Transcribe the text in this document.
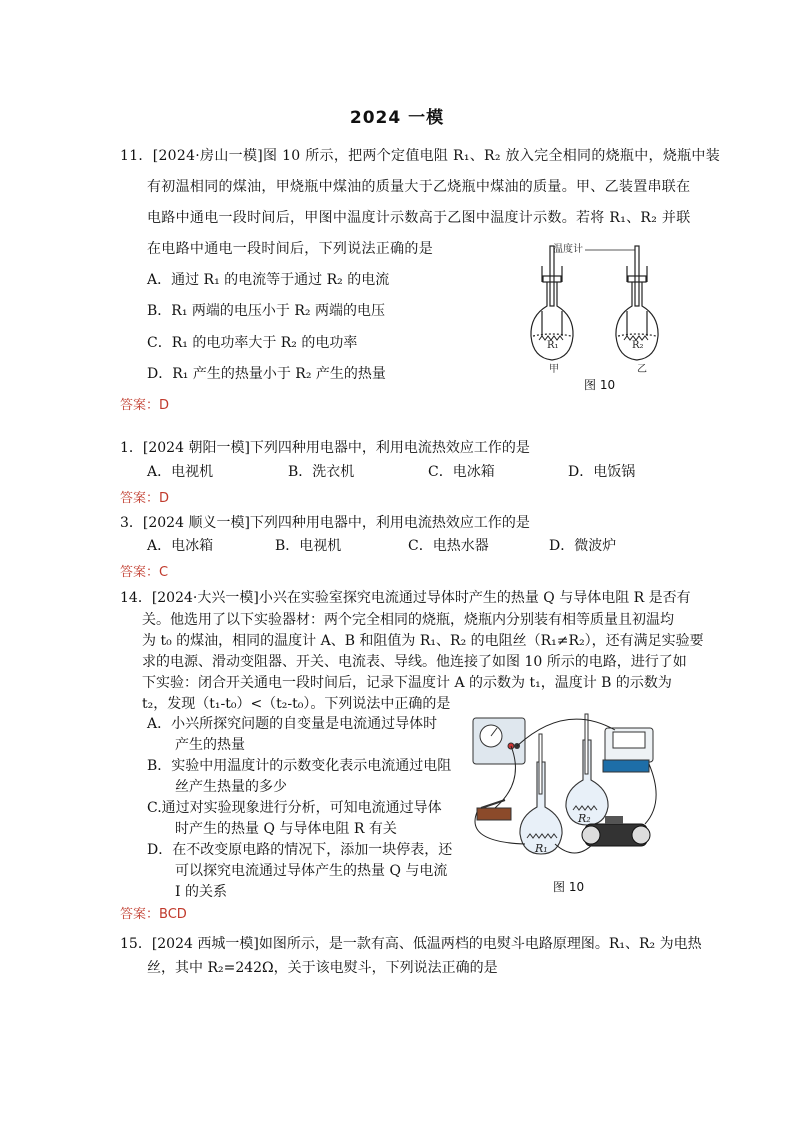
2024 一模
11．[2024·房山一模]图 10 所示，把两个定值电阻 R₁、R₂ 放入完全相同的烧瓶中，烧瓶中装
有初温相同的煤油，甲烧瓶中煤油的质量大于乙烧瓶中煤油的质量。甲、乙装置串联在
电路中通电一段时间后，甲图中温度计示数高于乙图中温度计示数。若将 R₁、R₂ 并联
在电路中通电一段时间后，下列说法正确的是
A．通过 R₁ 的电流等于通过 R₂ 的电流
B．R₁ 两端的电压小于 R₂ 两端的电压
C．R₁ 的电功率大于 R₂ 的电功率
D．R₁ 产生的热量小于 R₂ 产生的热量
温度计
R₁	R₂
甲	乙
图 10
答案：D
1．[2024 朝阳一模]下列四种用电器中，利用电流热效应工作的是
A．电视机	B．洗衣机	C．电冰箱	D．电饭锅
答案：D
3．[2024 顺义一模]下列四种用电器中，利用电流热效应工作的是
A．电冰箱	B．电视机	C．电热水器	D．微波炉
答案：C
14．[2024·大兴一模]小兴在实验室探究电流通过导体时产生的热量 Q 与导体电阻 R 是否有
关。他选用了以下实验器材：两个完全相同的烧瓶，烧瓶内分别装有相等质量且初温均
为 t₀ 的煤油，相同的温度计 A、B 和阻值为 R₁、R₂ 的电阻丝（R₁≠R₂），还有满足实验要
求的电源、滑动变阻器、开关、电流表、导线。他连接了如图 10 所示的电路，进行了如
下实验：闭合开关通电一段时间后，记录下温度计 A 的示数为 t₁，温度计 B 的示数为
t₂，发现（t₁-t₀）<（t₂-t₀）。下列说法中正确的是
A．小兴所探究问题的自变量是电流通过导体时
产生的热量
B．实验中用温度计的示数变化表示电流通过电阻
丝产生热量的多少
C.通过对实验现象进行分析，可知电流通过导体
时产生的热量 Q 与导体电阻 R 有关
D．在不改变原电路的情况下，添加一块停表，还
可以探究电流通过导体产生的热量 Q 与电流
I 的关系
R₁
R₂
图 10
答案：BCD
15．[2024 西城一模]如图所示，是一款有高、低温两档的电熨斗电路原理图。R₁、R₂ 为电热
丝，其中 R₂=242Ω，关于该电熨斗，下列说法正确的是
